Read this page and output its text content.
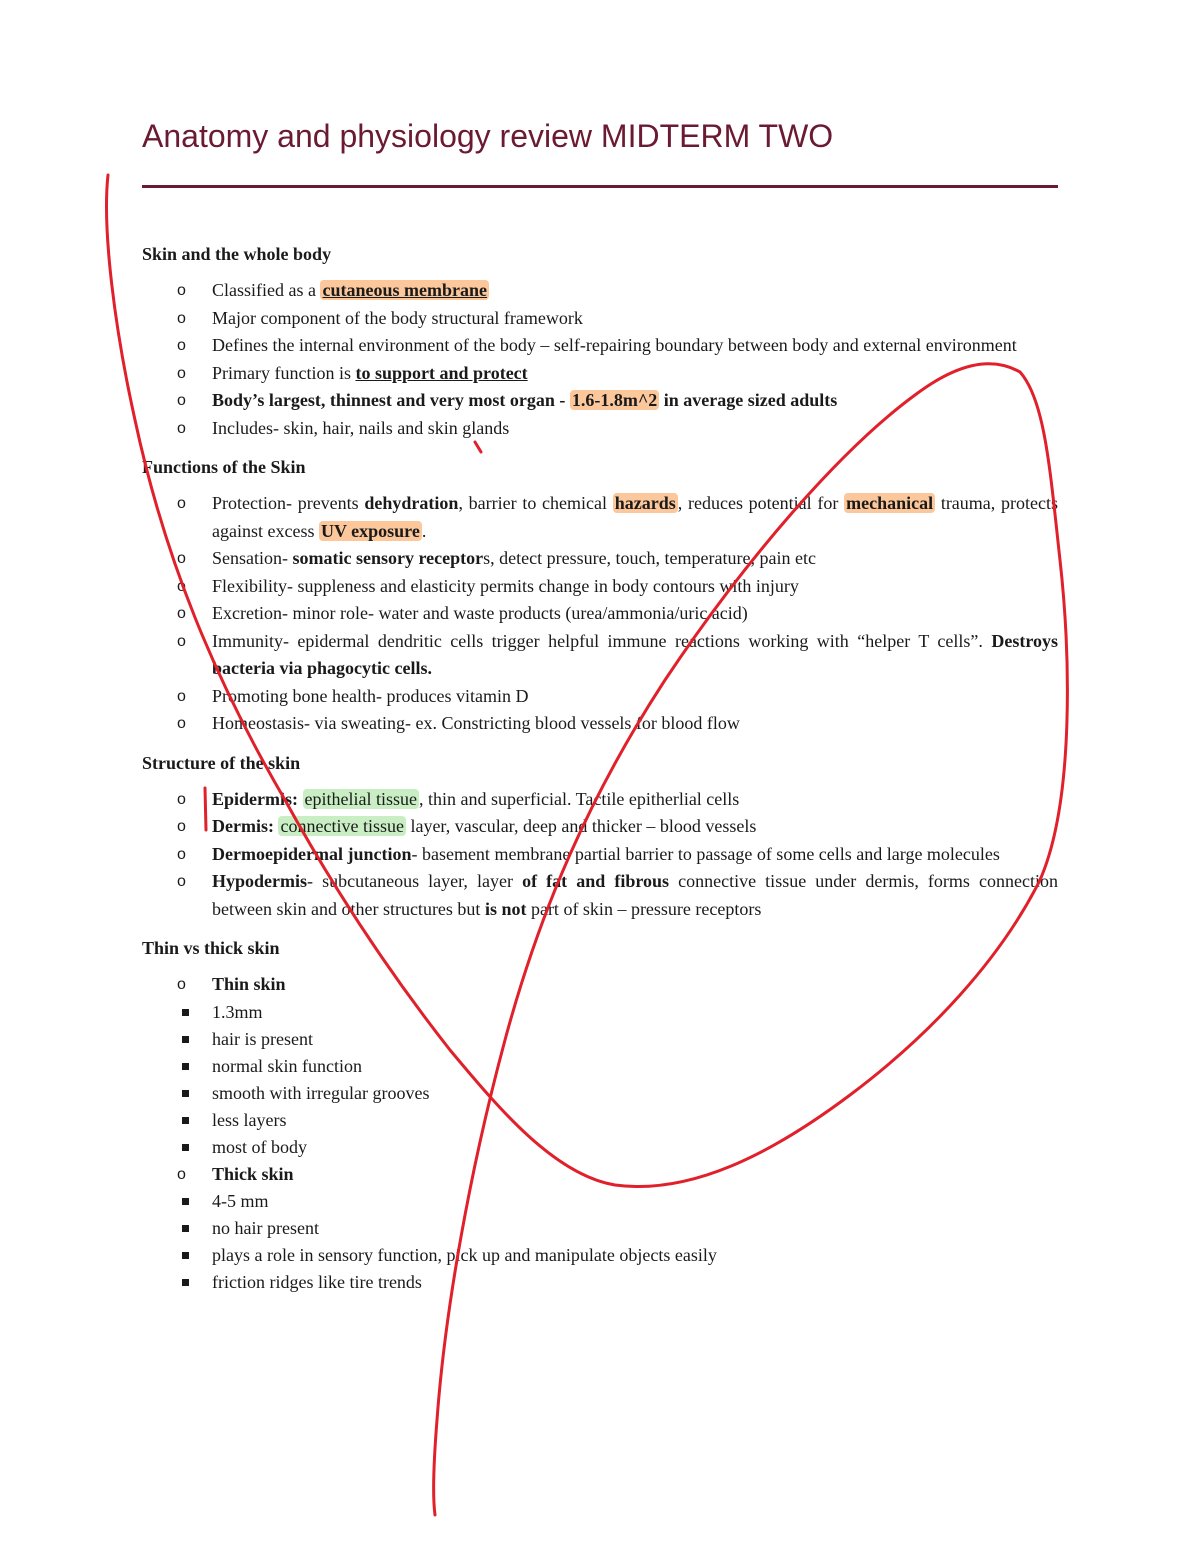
Anatomy and physiology review MIDTERM TWO
Skin and the whole body
o Classified as a cutaneous membrane
o Major component of the body structural framework
o Defines the internal environment of the body – self-repairing boundary between body and external environment
o Primary function is to support and protect
o Body’s largest, thinnest and very most organ - 1.6-1.8m^2 in average sized adults
o Includes- skin, hair, nails and skin glands
Functions of the Skin
o Protection- prevents dehydration, barrier to chemical hazards , reduces potential for mechanical trauma, protects against excess UV exposure .
o Sensation- somatic sensory receptors, detect pressure, touch, temperature, pain etc
o Flexibility- suppleness and elasticity permits change in body contours with injury
o Excretion- minor role- water and waste products (urea/ammonia/uric acid)
o Immunity- epidermal dendritic cells trigger helpful immune reactions working with “helper T cells”. Destroys bacteria via phagocytic cells.
o Promoting bone health- produces vitamin D
o Homeostasis- via sweating- ex. Constricting blood vessels for blood flow
Structure of the skin
o Epidermis: epithelial tissue , thin and superficial. Tactile epitherlial cells
o Dermis: connective tissue layer, vascular, deep and thicker – blood vessels
o Dermoepidermal junction- basement membrane partial barrier to passage of some cells and large molecules
o Hypodermis- subcutaneous layer, layer of fat and fibrous connective tissue under dermis, forms connection between skin and other structures but is not part of skin – pressure receptors
Thin vs thick skin
o Thin skin
1.3mm
hair is present
normal skin function
smooth with irregular grooves
less layers
most of body
o Thick skin
4-5 mm
no hair present
plays a role in sensory function, pick up and manipulate objects easily
friction ridges like tire trends
